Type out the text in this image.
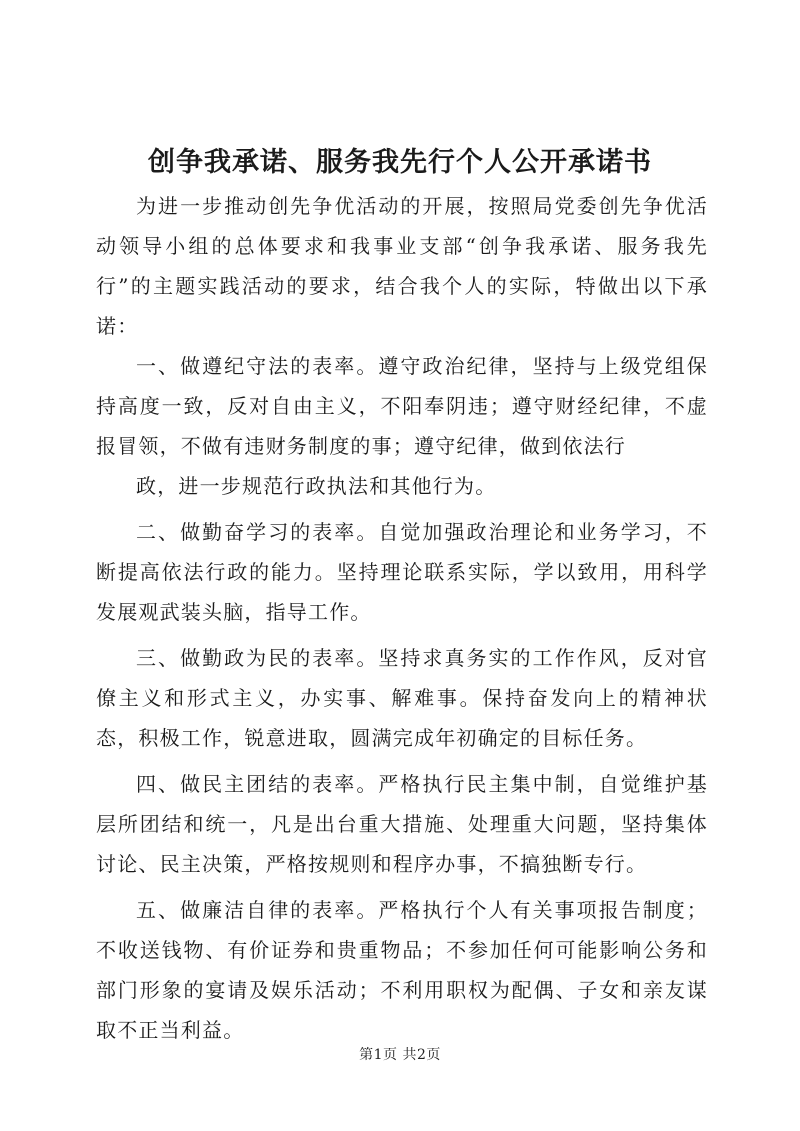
创争我承诺、服务我先行个人公开承诺书

为进一步推动创先争优活动的开展，按照局党委创先争优活动领导小组的总体要求和我事业支部“创争我承诺、服务我先行”的主题实践活动的要求，结合我个人的实际，特做出以下承诺：

一、做遵纪守法的表率。遵守政治纪律，坚持与上级党组保持高度一致，反对自由主义，不阳奉阴违；遵守财经纪律，不虚报冒领，不做有违财务制度的事；遵守纪律，做到依法行

政，进一步规范行政执法和其他行为。

二、做勤奋学习的表率。自觉加强政治理论和业务学习，不断提高依法行政的能力。坚持理论联系实际，学以致用，用科学发展观武装头脑，指导工作。

三、做勤政为民的表率。坚持求真务实的工作作风，反对官僚主义和形式主义，办实事、解难事。保持奋发向上的精神状态，积极工作，锐意进取，圆满完成年初确定的目标任务。

四、做民主团结的表率。严格执行民主集中制，自觉维护基层所团结和统一，凡是出台重大措施、处理重大问题，坚持集体讨论、民主决策，严格按规则和程序办事，不搞独断专行。

五、做廉洁自律的表率。严格执行个人有关事项报告制度；不收送钱物、有价证券和贵重物品；不参加任何可能影响公务和部门形象的宴请及娱乐活动；不利用职权为配偶、子女和亲友谋取不正当利益。

第1页 共2页
